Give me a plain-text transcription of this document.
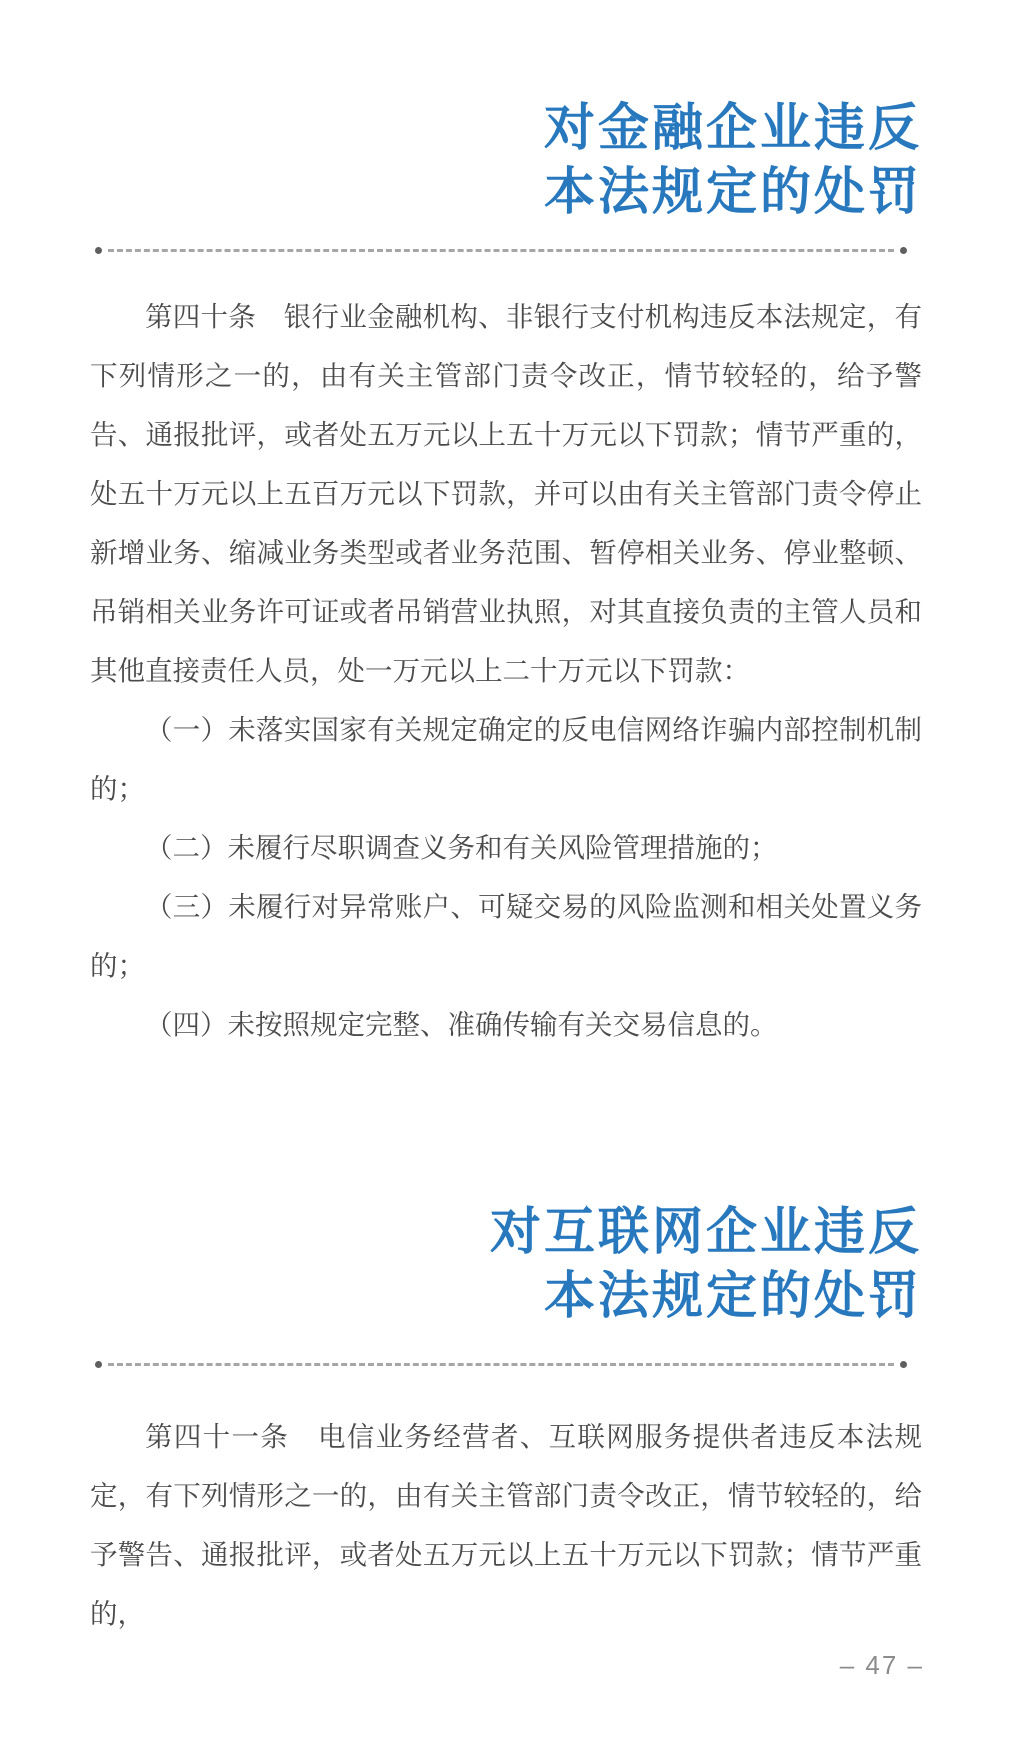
对金融企业违反
本法规定的处罚

第四十条　银行业金融机构、非银行支付机构违反本法规定，有下列情形之一的，由有关主管部门责令改正，情节较轻的，给予警告、通报批评，或者处五万元以上五十万元以下罚款；情节严重的，处五十万元以上五百万元以下罚款，并可以由有关主管部门责令停止新增业务、缩减业务类型或者业务范围、暂停相关业务、停业整顿、吊销相关业务许可证或者吊销营业执照，对其直接负责的主管人员和其他直接责任人员，处一万元以上二十万元以下罚款：

（一）未落实国家有关规定确定的反电信网络诈骗内部控制机制的；

（二）未履行尽职调查义务和有关风险管理措施的；

（三）未履行对异常账户、可疑交易的风险监测和相关处置义务的；

（四）未按照规定完整、准确传输有关交易信息的。

对互联网企业违反
本法规定的处罚

第四十一条　电信业务经营者、互联网服务提供者违反本法规定，有下列情形之一的，由有关主管部门责令改正，情节较轻的，给予警告、通报批评，或者处五万元以上五十万元以下罚款；情节严重的，

– 47 –
